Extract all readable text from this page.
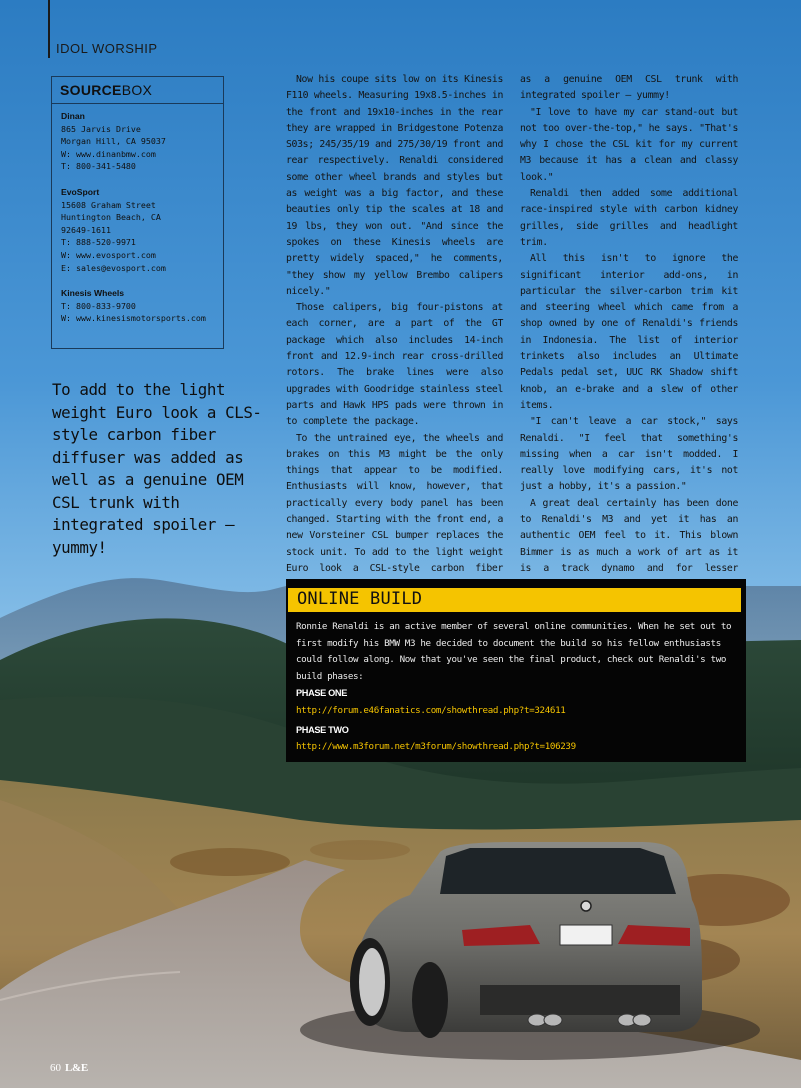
IDOL WORSHIP
SOURCEBOX
Dinan
865 Jarvis Drive
Morgan Hill, CA 95037
W: www.dinanbmw.com
T: 800-341-5480
EvoSport
15608 Graham Street
Huntington Beach, CA
92649-1611
T: 888-520-9971
W: www.evosport.com
E: sales@evosport.com
Kinesis Wheels
T: 800-833-9700
W: www.kinesismotorsports.com
To add to the light weight Euro look a CLS-style carbon fiber diffuser was added as well as a genuine OEM CSL trunk with integrated spoiler – yummy!

Now his coupe sits low on its Kinesis F110 wheels. Measuring 19x8.5-inches in the front and 19x10-inches in the rear they are wrapped in Bridgestone Potenza S03s; 245/35/19 and 275/30/19 front and rear respectively. Renaldi considered some other wheel brands and styles but as weight was a big factor, and these beauties only tip the scales at 18 and 19 lbs, they won out. "And since the spokes on these Kinesis wheels are pretty widely spaced," he comments, "they show my yellow Brembo calipers nicely."

Those calipers, big four-pistons at each corner, are a part of the GT package which also includes 14-inch front and 12.9-inch rear cross-drilled rotors. The brake lines were also upgrades with Goodridge stainless steel parts and Hawk HPS pads were thrown in to complete the package.

To the untrained eye, the wheels and brakes on this M3 might be the only things that appear to be modified. Enthusiasts will know, however, that practically every body panel has been changed. Starting with the front end, a new Vorsteiner CSL bumper replaces the stock unit. To add to the light weight Euro look a CSL-style carbon fiber

as a genuine OEM CSL trunk with integrated spoiler – yummy!

"I love to have my car stand-out but not too over-the-top," he says. "That's why I chose the CSL kit for my current M3 because it has a clean and classy look."

Renaldi then added some additional race-inspired style with carbon kidney grilles, side grilles and headlight trim.

All this isn't to ignore the significant interior add-ons, in particular the silver-carbon trim kit and steering wheel which came from a shop owned by one of Renaldi's friends in Indonesia. The list of interior trinkets also includes an Ultimate Pedals pedal set, UUC RK Shadow shift knob, an e-brake and a slew of other items.

"I can't leave a car stock," says Renaldi. "I feel that something's missing when a car isn't modded. I really love modifying cars, it's not just a hobby, it's a passion."

A great deal certainly has been done to Renaldi's M3 and yet it has an authentic OEM feel to it. This blown Bimmer is as much a work of art as it is a track dynamo and for lesser

ONLINE BUILD
Ronnie Renaldi is an active member of several online communities. When he set out to first modify his BMW M3 he decided to document the build so his fellow enthusiasts could follow along. Now that you've seen the final product, check out Renaldi's two build phases:
PHASE ONE
http://forum.e46fanatics.com/showthread.php?t=324611
PHASE TWO
http://www.m3forum.net/m3forum/showthread.php?t=106239
60 L&E
